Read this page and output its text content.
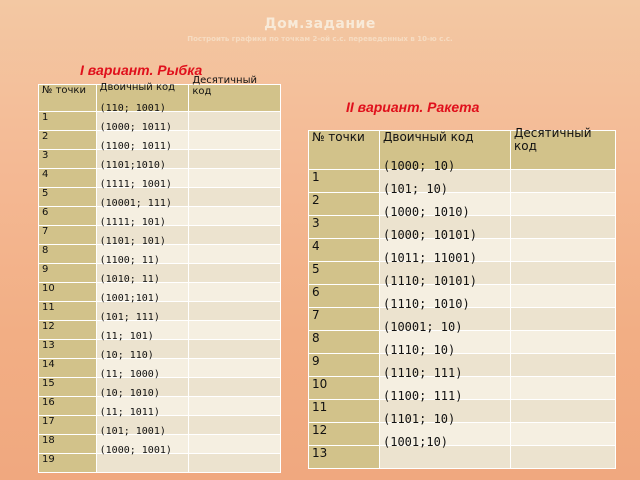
Дом.задание
Построить графики по точкам 2-ой с.с. переведенных в 10-ю с.с.
I вариант. Рыбка
II вариант. Ракета
№ точки	Двоичный код	Десятичный код
1	(110; 1001)	
2	(1000; 1011)	
3	(1100; 1011)	
4	(1101;1010)	
5	(1111; 1001)	
6	(10001; 111)	
7	(1111; 101)	
8	(1101; 101)	
9	(1100; 11)	
10	(1010; 11)	
11	(1001;101)	
12	(101; 111)	
13	(11; 101)	
14	(10; 110)	
15	(11; 1000)	
16	(10; 1010)	
17	(11; 1011)	
18	(101; 1001)	
19	(1000; 1001)	
№ точки	Двоичный код	Десятичный код
1	(1000; 10)	
2	(101; 10)	
3	(1000; 1010)	
4	(1000; 10101)	
5	(1011; 11001)	
6	(1110; 10101)	
7	(1110; 1010)	
8	(10001; 10)	
9	(1110; 10)	
10	(1110; 111)	
11	(1100; 111)	
12	(1101; 10)	
13	(1001;10)	
